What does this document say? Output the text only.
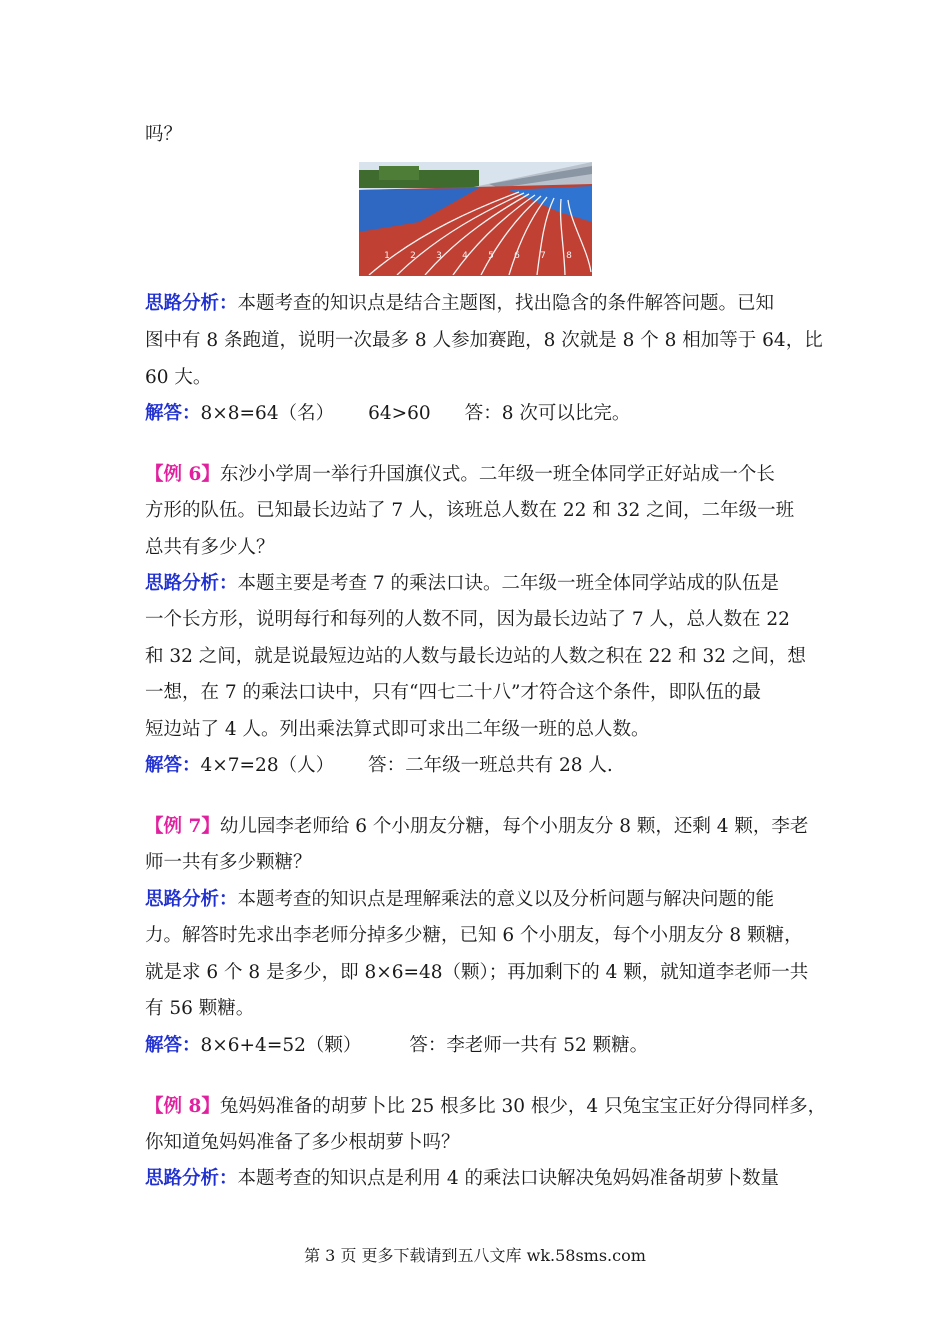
吗？
1 2 3 4 5 6 7 8
思路分析：本题考查的知识点是结合主题图，找出隐含的条件解答问题。已知
图中有 8 条跑道，说明一次最多 8 人参加赛跑，8 次就是 8 个 8 相加等于 64，比
60 大。
解答：8×8=64（名） 64>60 答：8 次可以比完。
【例 6】东沙小学周一举行升国旗仪式。二年级一班全体同学正好站成一个长
方形的队伍。已知最长边站了 7 人，该班总人数在 22 和 32 之间，二年级一班
总共有多少人？
思路分析：本题主要是考查 7 的乘法口诀。二年级一班全体同学站成的队伍是
一个长方形，说明每行和每列的人数不同，因为最长边站了 7 人，总人数在 22
和 32 之间，就是说最短边站的人数与最长边站的人数之积在 22 和 32 之间，想
一想，在 7 的乘法口诀中，只有“四七二十八”才符合这个条件，即队伍的最
短边站了 4 人。列出乘法算式即可求出二年级一班的总人数。
解答：4×7=28（人） 答：二年级一班总共有 28 人.
【例 7】幼儿园李老师给 6 个小朋友分糖，每个小朋友分 8 颗，还剩 4 颗，李老
师一共有多少颗糖？
思路分析：本题考查的知识点是理解乘法的意义以及分析问题与解决问题的能
力。解答时先求出李老师分掉多少糖，已知 6 个小朋友，每个小朋友分 8 颗糖，
就是求 6 个 8 是多少，即 8×6=48（颗）；再加剩下的 4 颗，就知道李老师一共
有 56 颗糖。
解答：8×6+4=52（颗）	答：李老师一共有 52 颗糖。
【例 8】兔妈妈准备的胡萝卜比 25 根多比 30 根少，4 只兔宝宝正好分得同样多，
你知道兔妈妈准备了多少根胡萝卜吗？
思路分析：本题考查的知识点是利用 4 的乘法口诀解决兔妈妈准备胡萝卜数量
第 3 页 更多下载请到五八文库 wk.58sms.com
